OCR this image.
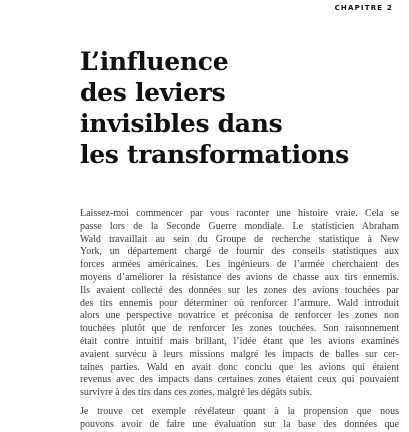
CHAPITRE 2

L’influence
des leviers
invisibles dans
les transformations
Laissez-moi commencer par vous raconter une histoire vraie. Cela se
passe lors de la Seconde Guerre mondiale. Le statisticien Abraham
Wald travaillait au sein du Groupe de recherche statistique à New
York, un département chargé de fournir des conseils statistiques aux
forces armées américaines. Les ingénieurs de l’armée cherchaient des
moyens d’améliorer la résistance des avions de chasse aux tirs ennemis.
Ils avaient collecté des données sur les zones des avions touchées par
des tirs ennemis pour déterminer où renforcer l’armure. Wald introduit
alors une perspective novatrice et préconisa de renforcer les zones non
touchées plutôt que de renforcer les zones touchées. Son raisonnement
était contre intuitif mais brillant, l’idée étant que les avions examinés
avaient survécu à leurs missions malgré les impacts de balles sur cer-
taines parties. Wald en avait donc conclu que les avions qui étaient
revenus avec des impacts dans certaines zones étaient ceux qui pouvaient
survivre à des tirs dans ces zones, malgré les dégâts subis.
Je trouve cet exemple révélateur quant à la propension que nous
pouvons avoir de faire une évaluation sur la base des données que
